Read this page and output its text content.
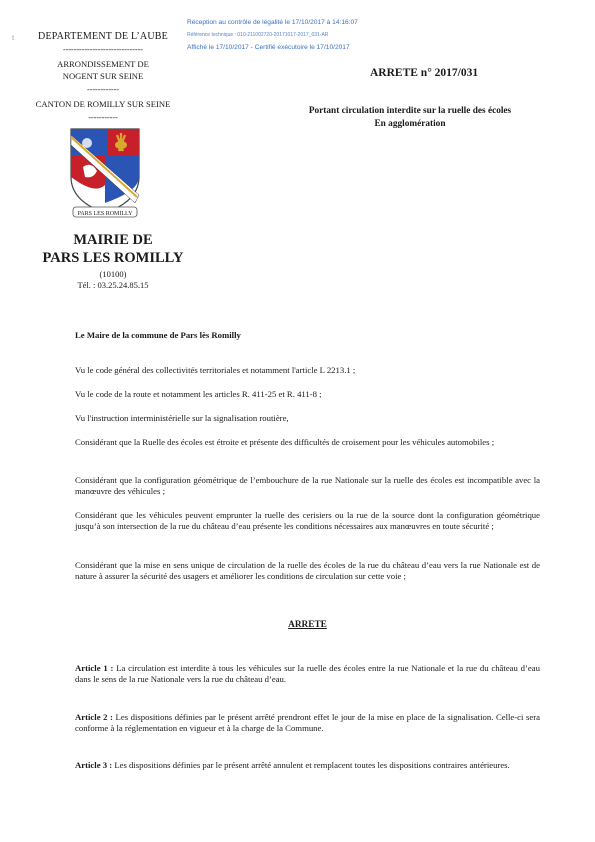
Réception au contrôle de légalité le 17/10/2017 à 14:16:07
Référence technique : 010-211002720-20171017-2017_031-AR
Affiché le 17/10/2017 - Certifié exécutoire le 17/10/2017
t	DEPARTEMENT DE L’AUBE
------------------------------
ARRONDISSEMENT DE
NOGENT SUR SEINE
------------
CANTON DE ROMILLY SUR SEINE
-----------
PARS LES ROMILLY
MAIRIE DE
PARS LES ROMILLY
(10100)
Tél. : 03.25.24.85.15
ARRETE n° 2017/031
Portant circulation interdite sur la ruelle des écoles
En agglomération
Le Maire de la commune de Pars lès Romilly
Vu le code général des collectivités territoriales et notamment l'article L 2213.1 ;
Vu le code de la route et notamment les articles R. 411-25 et R. 411-8 ;
Vu l'instruction interministérielle sur la signalisation routière,
Considérant que la Ruelle des écoles est étroite et présente des difficultés de croisement pour les véhicules automobiles ;
Considérant que la configuration géométrique de l’embouchure de la rue Nationale sur la ruelle des écoles est incompatible avec la manœuvre des véhicules ;
Considérant que les véhicules peuvent emprunter la ruelle des cerisiers ou la rue de la source dont la configuration géométrique jusqu’à son intersection de la rue du château d’eau présente les conditions nécessaires aux manœuvres en toute sécurité ;
Considérant que la mise en sens unique de circulation de la ruelle des écoles de la rue du château d’eau vers la rue Nationale est de nature à assurer la sécurité des usagers et améliorer les conditions de circulation sur cette voie ;
ARRETE
Article 1 : La circulation est interdite à tous les véhicules sur la ruelle des écoles entre la rue Nationale et la rue du château d’eau dans le sens de la rue Nationale vers la rue du château d’eau.
Article 2 : Les dispositions définies par le présent arrêté prendront effet le jour de la mise en place de la signalisation. Celle-ci sera conforme à la réglementation en vigueur et à la charge de la Commune.
Article 3 : Les dispositions définies par le présent arrêté annulent et remplacent toutes les dispositions contraires antérieures.
